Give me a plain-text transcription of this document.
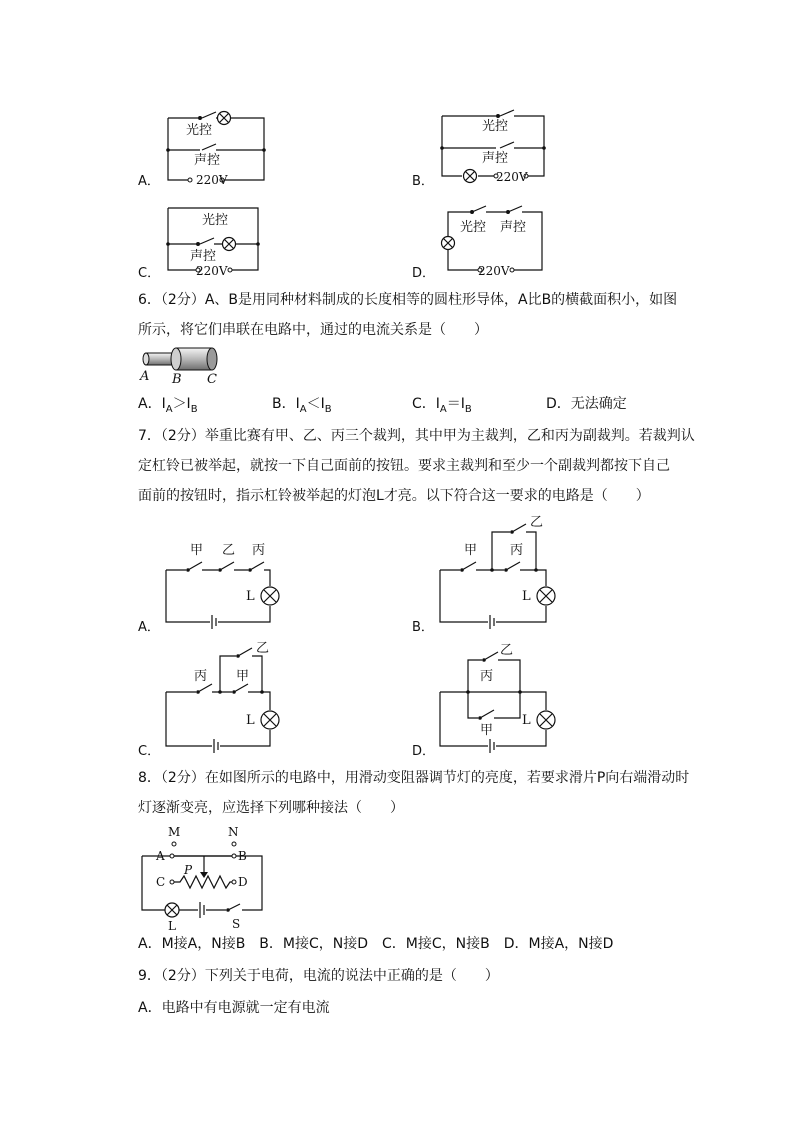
A．
光控
声控
220V	B．
光控
声控
220V
C．
光控
声控
220V	D．
光控 声控
220V
6．（2分）A、B是用同种材料制成的长度相等的圆柱形导体，A比B的横截面积小，如图
所示，将它们串联在电路中，通过的电流关系是（　　）
A B C
A．$I_A>I_B$	B．$I_A<I_B$	C．$I_A=I_B$	D．无法确定
7．（2分）举重比赛有甲、乙、丙三个裁判，其中甲为主裁判，乙和丙为副裁判。若裁判认
定杠铃已被举起，就按一下自己面前的按钮。要求主裁判和至少一个副裁判都按下自己
面前的按钮时，指示杠铃被举起的灯泡L才亮。以下符合这一要求的电路是（　　）
A．
甲 乙 丙
L
B．
甲
乙
丙
L
C．
丙
乙
甲
L
D．
乙
丙
甲
L
8．（2分）在如图所示的电路中，用滑动变阻器调节灯的亮度，若要求滑片P向右端滑动时
灯逐渐变亮，应选择下列哪种接法（　　）
M	N
A	B
C	D
P
L	S
A．M接A，N接B　B．M接C，N接D　C．M接C，N接B　D．M接A，N接D
9．（2分）下列关于电荷，电流的说法中正确的是（　　）
A．电路中有电源就一定有电流
